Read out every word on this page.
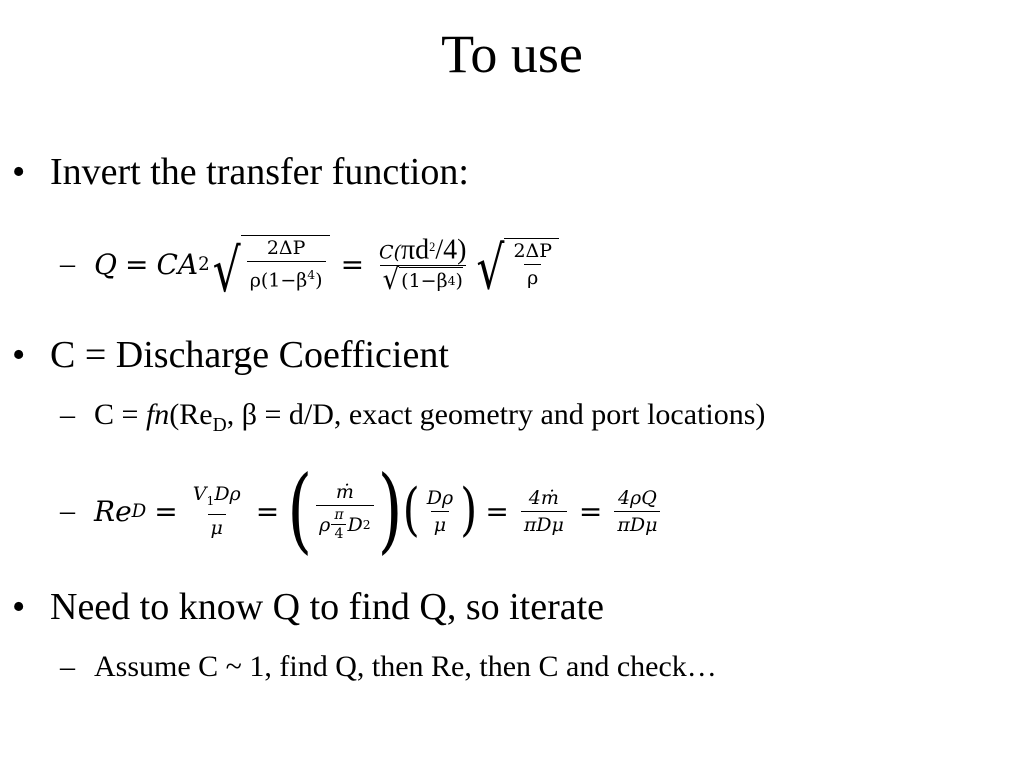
To use
• Invert the transfer function:
– Q = CA 2 √ $\frac{2\Delta P}{\rho(1-\beta^4)} = \frac{C(\pi d^2/4)}{√ (1-\beta 4 )}$ √ $\frac{2\Delta P}{\rho}$
• C = Discharge Coefficient
– $C = fn(Re_D$, β = d/D, exact geometry and port locations)
– Re $D = \frac{V_1D\rho}{\mu}$ = ( $\frac{\text{ṁ}}{\rho \frac{\pi}{4} D 2}$ ) ( $\frac{D\rho}{\mu}$ ) = $\frac{\text{4ṁ}}{\text{πDμ}} = \frac{4\rho Q}{\text{πDμ}}$
• Need to know Q to find Q, so iterate
– Assume C ~ 1, find Q, then Re, then C and check…
